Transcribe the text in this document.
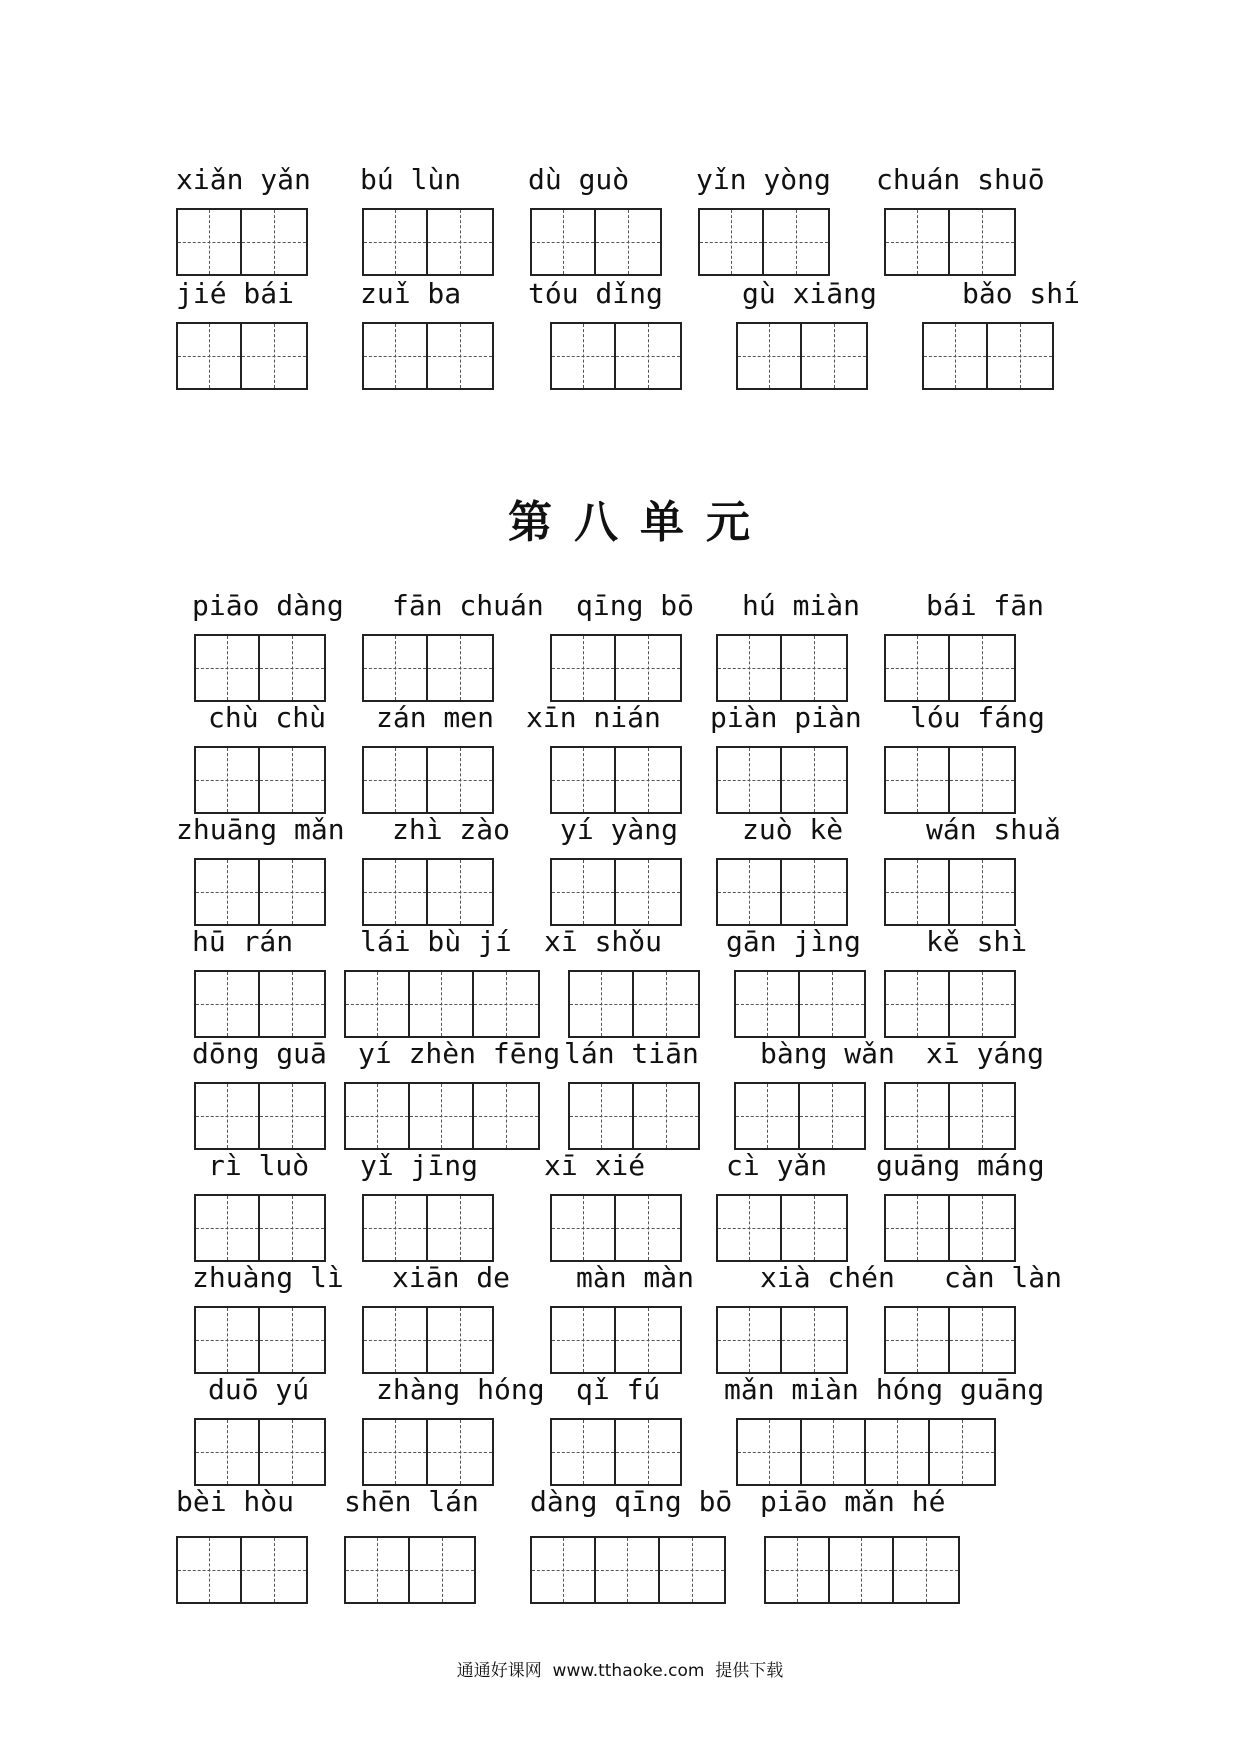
第八单元
通通好课网  www.tthaoke.com  提供下载
xiǎn yǎn bú lùn dù guò yǐn yòng chuán shuō
jié bái zuǐ ba tóu dǐng	gù xiāng	bǎo shí
piāo dàng fān chuán qīng bō hú miàn bái fān
chù chù zán men xīn nián piàn piàn lóu fáng
zhuāng mǎn zhì zào yí yàng zuò kè	wán shuǎ
hū rán lái bù jí xī shǒu gān jìng kě shì
dōng guā yí zhèn fēng lán tiān bàng wǎn xī yáng
rì luò yǐ jīng xī xié	cì yǎn guāng máng
zhuàng lì xiān de màn màn xià chén càn làn
duō yú zhàng hóng qǐ fú mǎn miàn hóng guāng
bèi hòu shēn lán dàng qīng bō piāo mǎn hé
